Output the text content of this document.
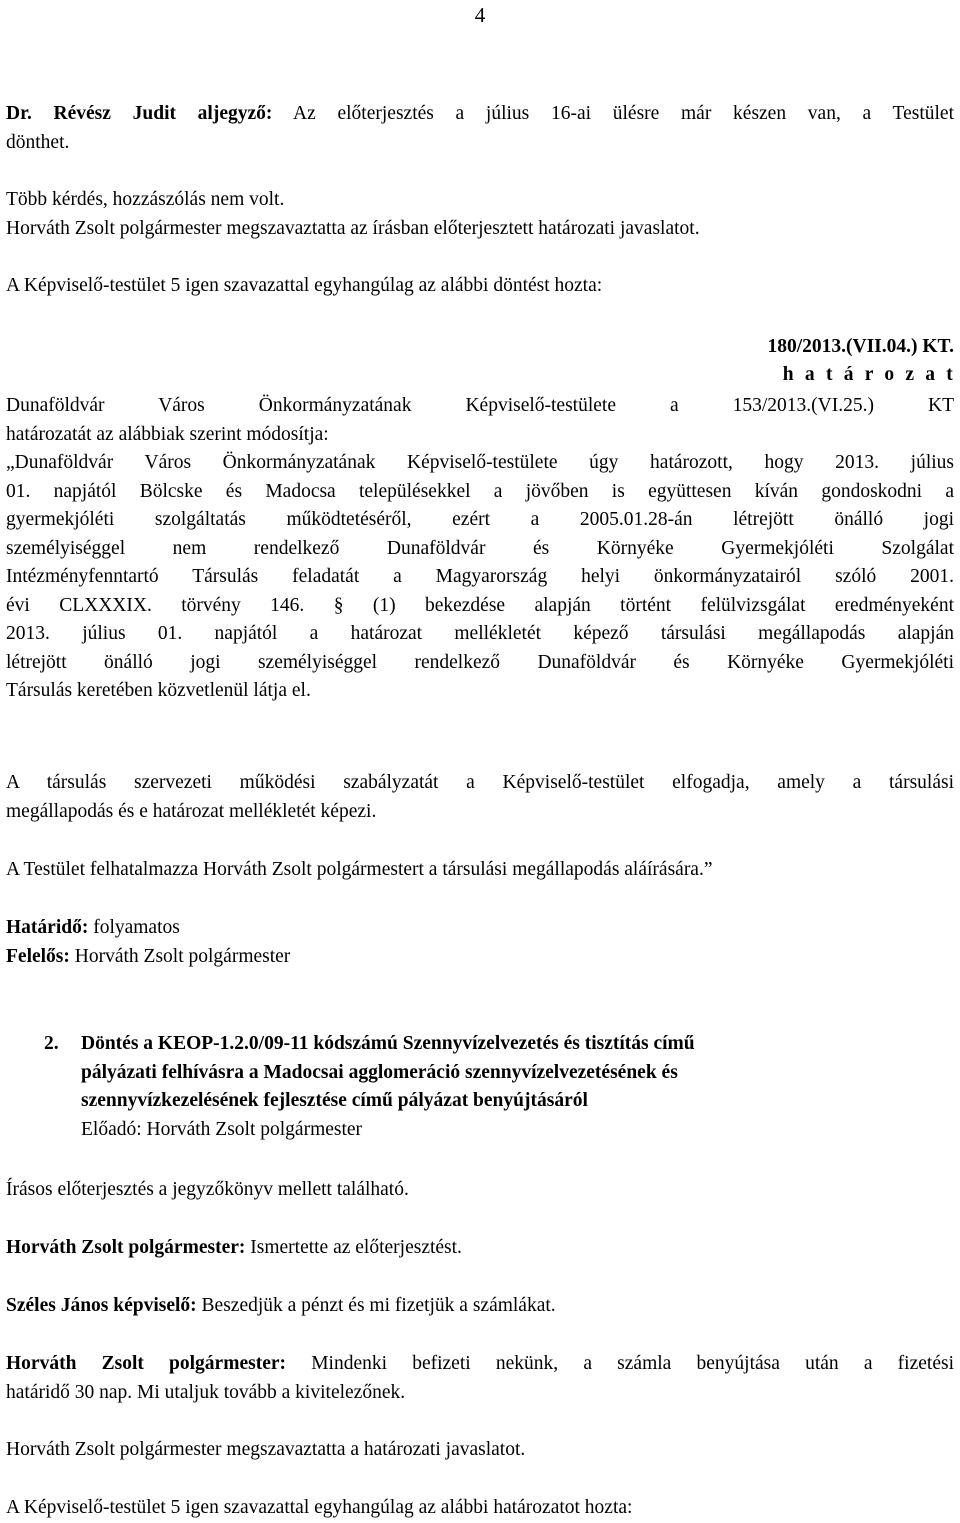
4

Dr. Révész Judit aljegyző: Az előterjesztés a július 16-ai ülésre már készen van, a Testület

dönthet.

Több kérdés, hozzászólás nem volt.

Horváth Zsolt polgármester megszavaztatta az írásban előterjesztett határozati javaslatot.

A Képviselő-testület 5 igen szavazattal egyhangúlag az alábbi döntést hozta:

180/2013.(VII.04.) KT.
h a t á r o z a t

Dunaföldvár Város Önkormányzatának Képviselő-testülete a 153/2013.(VI.25.) KT

határozatát az alábbiak szerint módosítja:

„Dunaföldvár Város Önkormányzatának Képviselő-testülete úgy határozott, hogy 2013. július

01. napjától Bölcske és Madocsa településekkel a jövőben is együttesen kíván gondoskodni a

gyermekjóléti szolgáltatás működtetéséről, ezért a 2005.01.28-án létrejött önálló jogi

személyiséggel nem rendelkező Dunaföldvár és Környéke Gyermekjóléti Szolgálat

Intézményfenntartó Társulás feladatát a Magyarország helyi önkormányzatairól szóló 2001.

évi CLXXXIX. törvény 146. § (1) bekezdése alapján történt felülvizsgálat eredményeként

2013. július 01. napjától a határozat mellékletét képező társulási megállapodás alapján

létrejött önálló jogi személyiséggel rendelkező Dunaföldvár és Környéke Gyermekjóléti

Társulás keretében közvetlenül látja el.

A társulás szervezeti működési szabályzatát a Képviselő-testület elfogadja, amely a társulási

megállapodás és e határozat mellékletét képezi.

A Testület felhatalmazza Horváth Zsolt polgármestert a társulási megállapodás aláírására.”

Határidő: folyamatos

Felelős: Horváth Zsolt polgármester

2. Döntés a KEOP-1.2.0/09-11 kódszámú Szennyvízelvezetés és tisztítás című

pályázati felhívásra a Madocsai agglomeráció szennyvízelvezetésének és

szennyvízkezelésének fejlesztése című pályázat benyújtásáról

Előadó: Horváth Zsolt polgármester

Írásos előterjesztés a jegyzőkönyv mellett található.

Horváth Zsolt polgármester: Ismertette az előterjesztést.

Széles János képviselő: Beszedjük a pénzt és mi fizetjük a számlákat.

Horváth Zsolt polgármester: Mindenki befizeti nekünk, a számla benyújtása után a fizetési

határidő 30 nap. Mi utaljuk tovább a kivitelezőnek.

Horváth Zsolt polgármester megszavaztatta a határozati javaslatot.

A Képviselő-testület 5 igen szavazattal egyhangúlag az alábbi határozatot hozta:
